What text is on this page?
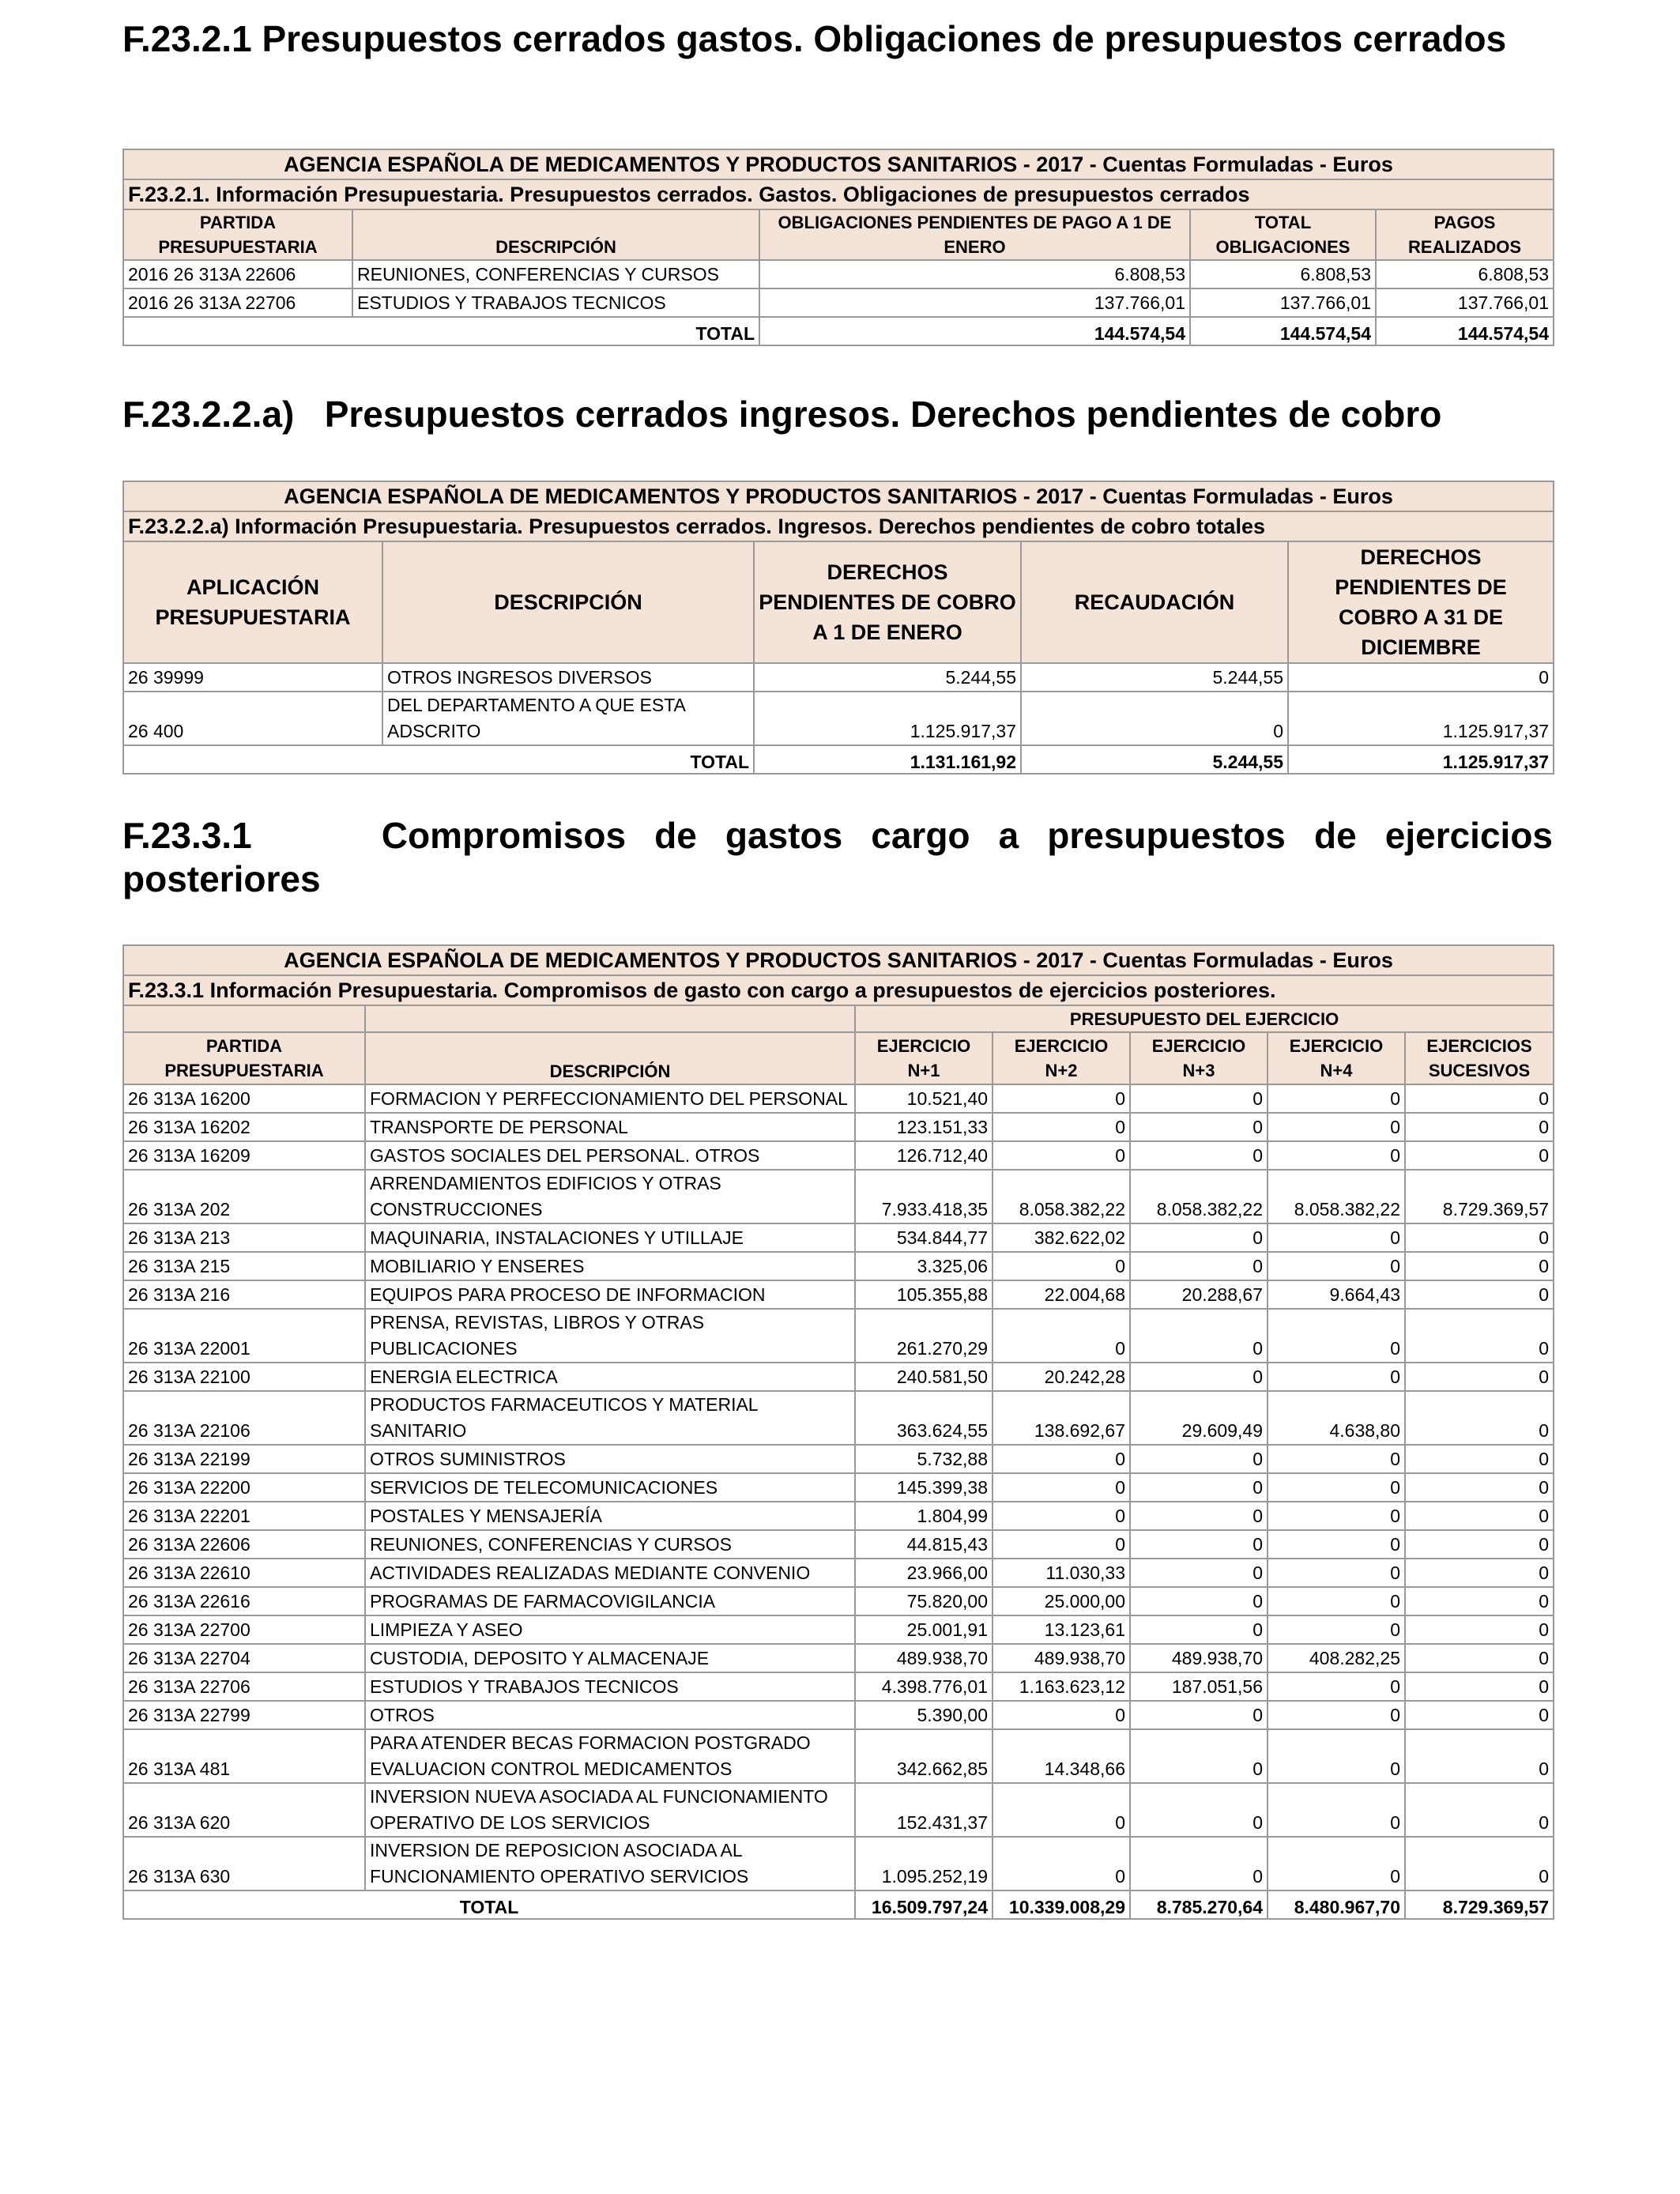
F.23.2.1 Presupuestos cerrados gastos. Obligaciones de presupuestos cerrados
AGENCIA ESPAÑOLA DE MEDICAMENTOS Y PRODUCTOS SANITARIOS - 2017 - Cuentas Formuladas - Euros				
F.23.2.1. Información Presupuestaria. Presupuestos cerrados. Gastos. Obligaciones de presupuestos cerrados				
PARTIDA PRESUPUESTARIA	DESCRIPCIÓN	OBLIGACIONES PENDIENTES DE PAGO A 1 DE ENERO	TOTAL OBLIGACIONES	PAGOS REALIZADOS
2016 26 313A 22606	REUNIONES, CONFERENCIAS Y CURSOS	6.808,53	6.808,53	6.808,53
2016 26 313A 22706	ESTUDIOS Y TRABAJOS TECNICOS	137.766,01	137.766,01	137.766,01
TOTAL		144.574,54	144.574,54	144.574,54
F.23.2.2.a) Presupuestos cerrados ingresos. Derechos pendientes de cobro
AGENCIA ESPAÑOLA DE MEDICAMENTOS Y PRODUCTOS SANITARIOS - 2017 - Cuentas Formuladas - Euros				
F.23.2.2.a) Información Presupuestaria. Presupuestos cerrados. Ingresos. Derechos pendientes de cobro totales				
APLICACIÓN PRESUPUESTARIA	DESCRIPCIÓN	DERECHOS PENDIENTES DE COBRO A 1 DE ENERO	RECAUDACIÓN	DERECHOS PENDIENTES DE COBRO A 31 DE DICIEMBRE
26 39999	OTROS INGRESOS DIVERSOS	5.244,55	5.244,55	0
26 400	DEL DEPARTAMENTO A QUE ESTA ADSCRITO	1.125.917,37	0	1.125.917,37
TOTAL		1.131.161,92	5.244,55	1.125.917,37
F.23.3.1	Compromisos de gastos cargo a presupuestos de ejercicios posteriores
AGENCIA ESPAÑOLA DE MEDICAMENTOS Y PRODUCTOS SANITARIOS - 2017 - Cuentas Formuladas - Euros						
F.23.3.1 Información Presupuestaria. Compromisos de gasto con cargo a presupuestos de ejercicios posteriores.						
		PRESUPUESTO DEL EJERCICIO				
PARTIDA PRESUPUESTARIA	DESCRIPCIÓN	EJERCICIO N+1	EJERCICIO N+2	EJERCICIO N+3	EJERCICIO N+4	EJERCICIOS SUCESIVOS
26 313A 16200	FORMACION Y PERFECCIONAMIENTO DEL PERSONAL	10.521,40	0	0	0	0
26 313A 16202	TRANSPORTE DE PERSONAL	123.151,33	0	0	0	0
26 313A 16209	GASTOS SOCIALES DEL PERSONAL. OTROS	126.712,40	0	0	0	0
26 313A 202	ARRENDAMIENTOS EDIFICIOS Y OTRAS CONSTRUCCIONES	7.933.418,35	8.058.382,22	8.058.382,22	8.058.382,22	8.729.369,57
26 313A 213	MAQUINARIA, INSTALACIONES Y UTILLAJE	534.844,77	382.622,02	0	0	0
26 313A 215	MOBILIARIO Y ENSERES	3.325,06	0	0	0	0
26 313A 216	EQUIPOS PARA PROCESO DE INFORMACION	105.355,88	22.004,68	20.288,67	9.664,43	0
26 313A 22001	PRENSA, REVISTAS, LIBROS Y OTRAS PUBLICACIONES	261.270,29	0	0	0	0
26 313A 22100	ENERGIA ELECTRICA	240.581,50	20.242,28	0	0	0
26 313A 22106	PRODUCTOS FARMACEUTICOS Y MATERIAL SANITARIO	363.624,55	138.692,67	29.609,49	4.638,80	0
26 313A 22199	OTROS SUMINISTROS	5.732,88	0	0	0	0
26 313A 22200	SERVICIOS DE TELECOMUNICACIONES	145.399,38	0	0	0	0
26 313A 22201	POSTALES Y MENSAJERÍA	1.804,99	0	0	0	0
26 313A 22606	REUNIONES, CONFERENCIAS Y CURSOS	44.815,43	0	0	0	0
26 313A 22610	ACTIVIDADES REALIZADAS MEDIANTE CONVENIO	23.966,00	11.030,33	0	0	0
26 313A 22616	PROGRAMAS DE FARMACOVIGILANCIA	75.820,00	25.000,00	0	0	0
26 313A 22700	LIMPIEZA Y ASEO	25.001,91	13.123,61	0	0	0
26 313A 22704	CUSTODIA, DEPOSITO Y ALMACENAJE	489.938,70	489.938,70	489.938,70	408.282,25	0
26 313A 22706	ESTUDIOS Y TRABAJOS TECNICOS	4.398.776,01	1.163.623,12	187.051,56	0	0
26 313A 22799	OTROS	5.390,00	0	0	0	0
26 313A 481	PARA ATENDER BECAS FORMACION POSTGRADO EVALUACION CONTROL MEDICAMENTOS	342.662,85	14.348,66	0	0	0
26 313A 620	INVERSION NUEVA ASOCIADA AL FUNCIONAMIENTO OPERATIVO DE LOS SERVICIOS	152.431,37	0	0	0	0
26 313A 630	INVERSION DE REPOSICION ASOCIADA AL FUNCIONAMIENTO OPERATIVO SERVICIOS	1.095.252,19	0	0	0	0
TOTAL		16.509.797,24	10.339.008,29	8.785.270,64	8.480.967,70	8.729.369,57
